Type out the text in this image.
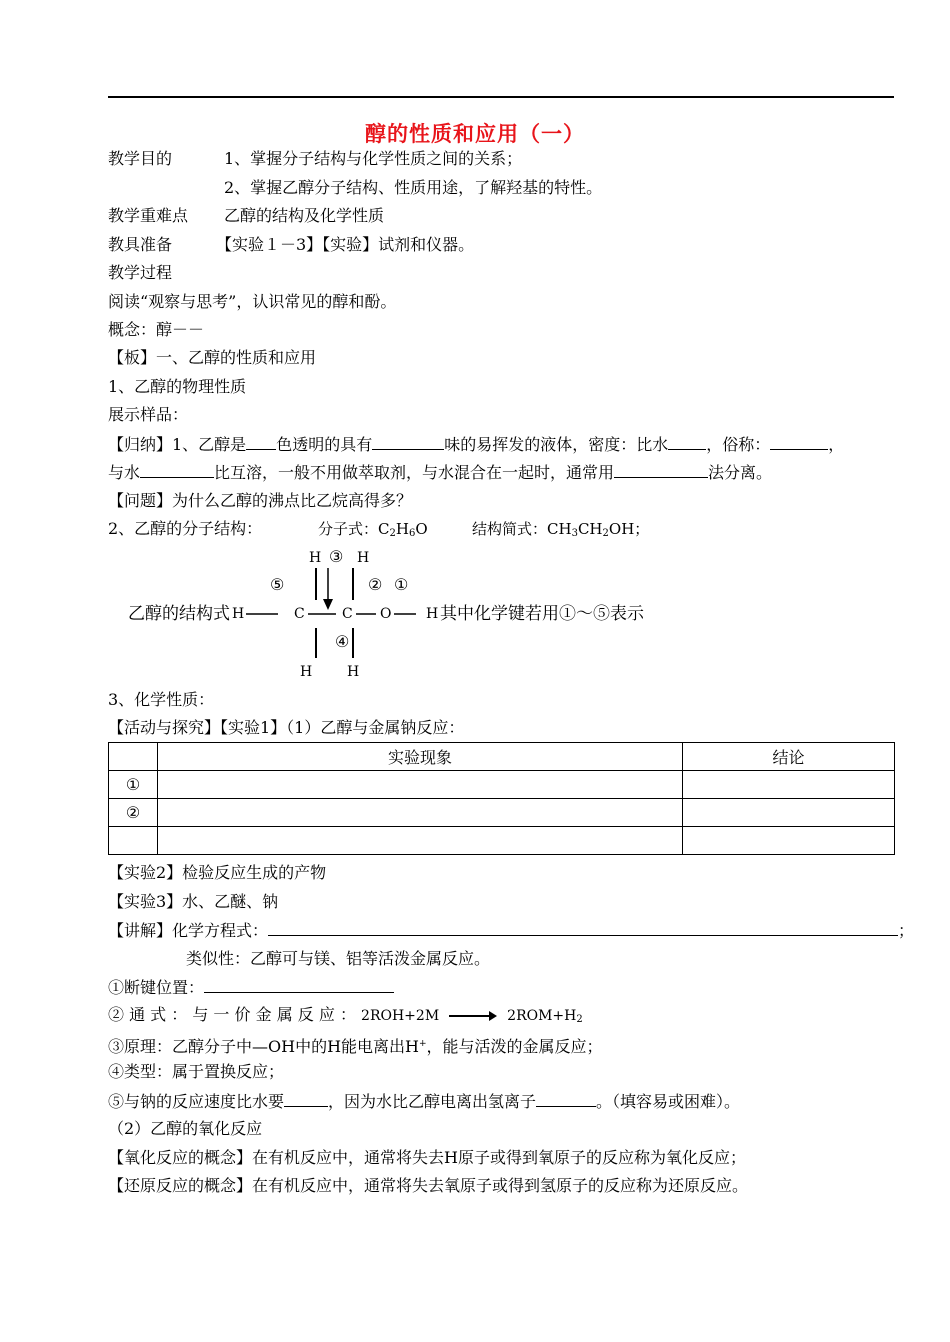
醇的性质和应用（一）
教学目的	1、掌握分子结构与化学性质之间的关系；
2、掌握乙醇分子结构、性质用途，了解羟基的特性。
教学重难点 乙醇的结构及化学性质
教具准备	【实验１－3】【实验】试剂和仪器。
教学过程
阅读“观察与思考”，认识常见的醇和酚。
概念：醇－－
【板】一、乙醇的性质和应用
1、乙醇的物理性质
展示样品：
【归纳】1、乙醇是 色透明的具有	味的易挥发的液体，密度：比水 ，俗称：	，
与水	比互溶，一般不用做萃取剂，与水混合在一起时，通常用	法分离。
【问题】为什么乙醇的沸点比乙烷高得多？
2、乙醇的分子结构：	分子式：$C_2H_6O$	结构简式：$CH_3CH_2OH$；
H ③ H
⑤	② ①
乙醇的结构式 H	C	C O H 其中化学键若用①～⑤表示
④
H H
3、化学性质：
【活动与探究】【实验1】（1）乙醇与金属钠反应：
	实验现象	结论
①		
②		

【实验2】检验反应生成的产物
【实验3】水、乙醚、钠
【讲解】化学方程式：	；
类似性：乙醇可与镁、铝等活泼金属反应。
①断键位置：
② 通 式 ： 与 一 价 金 属 反 应 ： 2ROH+2M	$2ROM+H_2$
③原理：乙醇分子中—OH中的H能电离出H+，能与活泼的金属反应；
④类型：属于置换反应；
⑤与钠的反应速度比水要	，因为水比乙醇电离出氢离子	。（填容易或困难）。
（2）乙醇的氧化反应
【氧化反应的概念】在有机反应中，通常将失去H原子或得到氧原子的反应称为氧化反应；
【还原反应的概念】在有机反应中，通常将失去氧原子或得到氢原子的反应称为还原反应。
